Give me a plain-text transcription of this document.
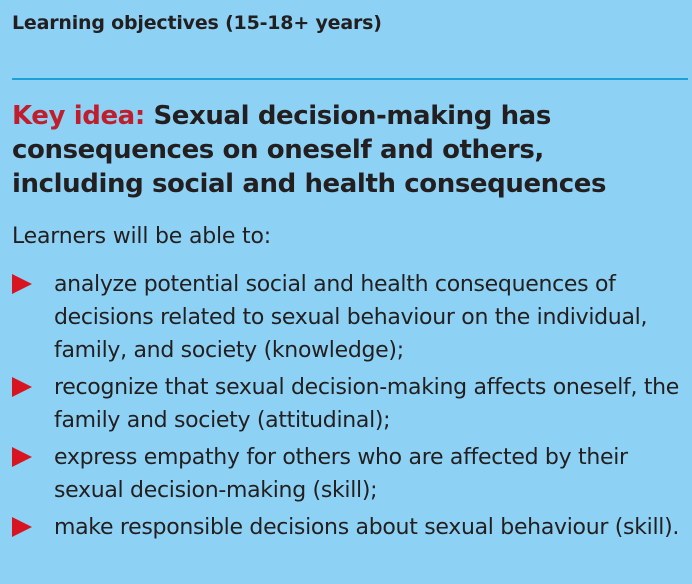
Learning objectives (15-18+ years)
Key idea: Sexual decision-making has consequences on oneself and others, including social and health consequences
Learners will be able to:
analyze potential social and health consequences of decisions related to sexual behaviour on the individual, family, and society (knowledge);
recognize that sexual decision-making affects oneself, the family and society (attitudinal);
express empathy for others who are affected by their sexual decision-making (skill);
make responsible decisions about sexual behaviour (skill).
